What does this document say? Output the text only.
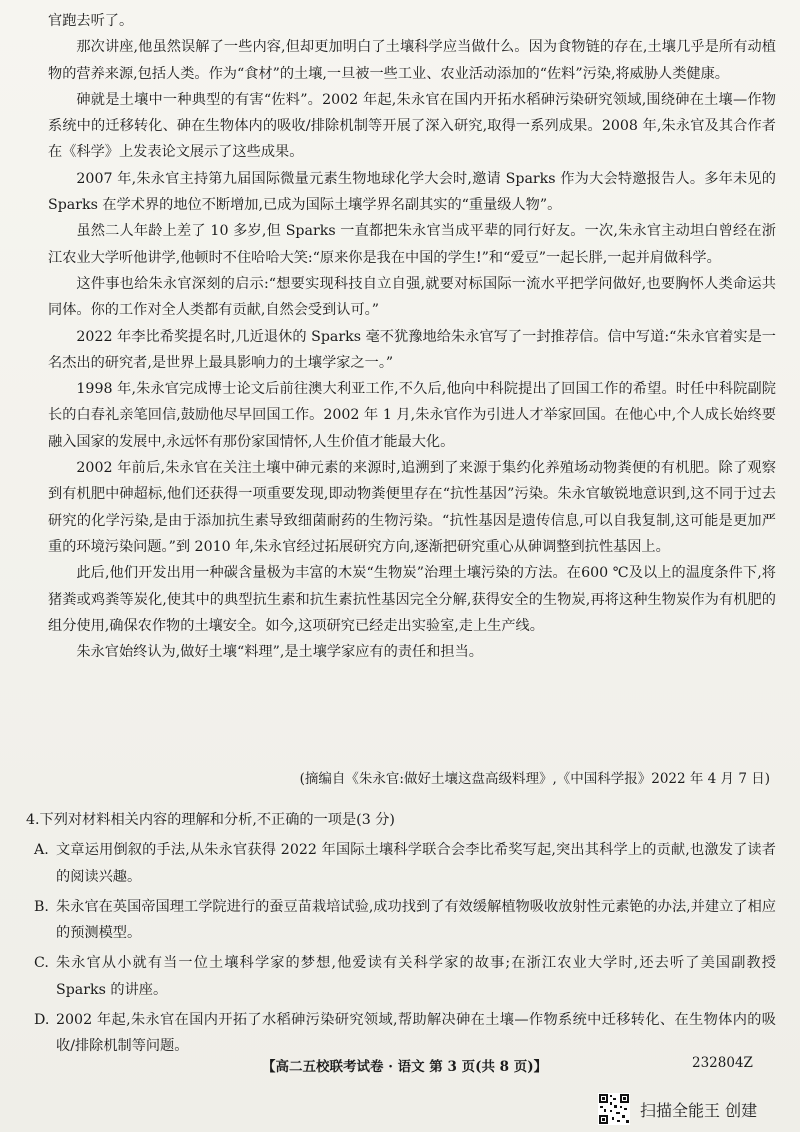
官跑去听了。

那次讲座,他虽然误解了一些内容,但却更加明白了土壤科学应当做什么。因为食物链的存在,土壤几乎是所有动植物的营养来源,包括人类。作为“食材”的土壤,一旦被一些工业、农业活动添加的“佐料”污染,将威胁人类健康。

砷就是土壤中一种典型的有害“佐料”。2002 年起,朱永官在国内开拓水稻砷污染研究领域,围绕砷在土壤—作物系统中的迁移转化、砷在生物体内的吸收/排除机制等开展了深入研究,取得一系列成果。2008 年,朱永官及其合作者在《科学》上发表论文展示了这些成果。

2007 年,朱永官主持第九届国际微量元素生物地球化学大会时,邀请 Sparks 作为大会特邀报告人。多年未见的 Sparks 在学术界的地位不断增加,已成为国际土壤学界名副其实的“重量级人物”。

虽然二人年龄上差了 10 多岁,但 Sparks 一直都把朱永官当成平辈的同行好友。一次,朱永官主动坦白曾经在浙江农业大学听他讲学,他顿时不住哈哈大笑:“原来你是我在中国的学生!”和“爱豆”一起长胖,一起并肩做科学。

这件事也给朱永官深刻的启示:“想要实现科技自立自强,就要对标国际一流水平把学问做好,也要胸怀人类命运共同体。你的工作对全人类都有贡献,自然会受到认可。”

2022 年李比希奖提名时,几近退休的 Sparks 毫不犹豫地给朱永官写了一封推荐信。信中写道:“朱永官着实是一名杰出的研究者,是世界上最具影响力的土壤学家之一。”

1998 年,朱永官完成博士论文后前往澳大利亚工作,不久后,他向中科院提出了回国工作的希望。时任中科院副院长的白春礼亲笔回信,鼓励他尽早回国工作。2002 年 1 月,朱永官作为引进人才举家回国。在他心中,个人成长始终要融入国家的发展中,永远怀有那份家国情怀,人生价值才能最大化。

2002 年前后,朱永官在关注土壤中砷元素的来源时,追溯到了来源于集约化养殖场动物粪便的有机肥。除了观察到有机肥中砷超标,他们还获得一项重要发现,即动物粪便里存在“抗性基因”污染。朱永官敏锐地意识到,这不同于过去研究的化学污染,是由于添加抗生素导致细菌耐药的生物污染。“抗性基因是遗传信息,可以自我复制,这可能是更加严重的环境污染问题。”到 2010 年,朱永官经过拓展研究方向,逐渐把研究重心从砷调整到抗性基因上。

此后,他们开发出用一种碳含量极为丰富的木炭“生物炭”治理土壤污染的方法。在600 ℃及以上的温度条件下,将猪粪或鸡粪等炭化,使其中的典型抗生素和抗生素抗性基因完全分解,获得安全的生物炭,再将这种生物炭作为有机肥的组分使用,确保农作物的土壤安全。如今,这项研究已经走出实验室,走上生产线。

朱永官始终认为,做好土壤“料理”,是土壤学家应有的责任和担当。

(摘编自《朱永官:做好土壤这盘高级料理》,《中国科学报》2022 年 4 月 7 日)

4.下列对材料相关内容的理解和分析,不正确的一项是(3 分)

A. 文章运用倒叙的手法,从朱永官获得 2022 年国际土壤科学联合会李比希奖写起,突出其科学上的贡献,也激发了读者的阅读兴趣。
B. 朱永官在英国帝国理工学院进行的蚕豆苗栽培试验,成功找到了有效缓解植物吸收放射性元素铯的办法,并建立了相应的预测模型。
C. 朱永官从小就有当一位土壤科学家的梦想,他爱读有关科学家的故事;在浙江农业大学时,还去听了美国副教授 Sparks 的讲座。
D. 2002 年起,朱永官在国内开拓了水稻砷污染研究领域,帮助解决砷在土壤—作物系统中迁移转化、在生物体内的吸收/排除机制等问题。
【高二五校联考试卷 · 语文 第 3 页(共 8 页)】	232804Z
扫描全能王 创建
